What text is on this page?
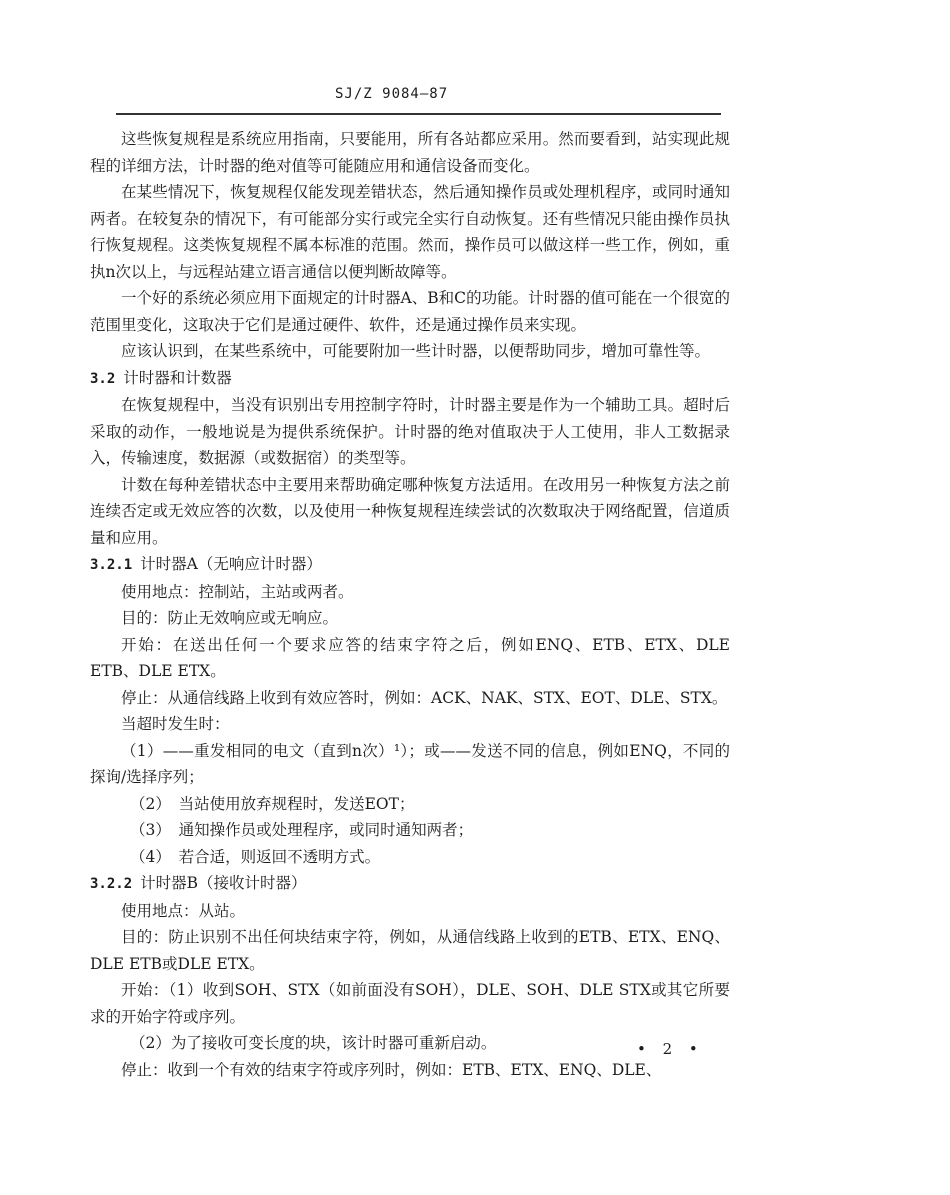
SJ/Z 9084—87

这些恢复规程是系统应用指南，只要能用，所有各站都应采用。然而要看到，站实现此规程的详细方法，计时器的绝对值等可能随应用和通信设备而变化。

在某些情况下，恢复规程仅能发现差错状态，然后通知操作员或处理机程序，或同时通知两者。在较复杂的情况下，有可能部分实行或完全实行自动恢复。还有些情况只能由操作员执行恢复规程。这类恢复规程不属本标准的范围。然而，操作员可以做这样一些工作，例如，重执n次以上，与远程站建立语言通信以便判断故障等。

一个好的系统必须应用下面规定的计时器A、B和C的功能。计时器的值可能在一个很宽的范围里变化，这取决于它们是通过硬件、软件，还是通过操作员来实现。

应该认识到，在某些系统中，可能要附加一些计时器，以便帮助同步，增加可靠性等。

3.2 计时器和计数器

在恢复规程中，当没有识别出专用控制字符时，计时器主要是作为一个辅助工具。超时后采取的动作，一般地说是为提供系统保护。计时器的绝对值取决于人工使用，非人工数据录入，传输速度，数据源（或数据宿）的类型等。

计数在每种差错状态中主要用来帮助确定哪种恢复方法适用。在改用另一种恢复方法之前连续否定或无效应答的次数，以及使用一种恢复规程连续尝试的次数取决于网络配置，信道质量和应用。

3.2.1 计时器A（无响应计时器）

使用地点：控制站，主站或两者。

目的：防止无效响应或无响应。

开始：在送出任何一个要求应答的结束字符之后，例如ENQ、ETB、ETX、DLE ETB、DLE ETX。

停止：从通信线路上收到有效应答时，例如：ACK、NAK、STX、EOT、DLE、STX。

当超时发生时：

（1）——重发相同的电文（直到n次）¹）；或——发送不同的信息，例如ENQ，不同的探询/选择序列；

（2）　当站使用放弃规程时，发送EOT；

（3）　通知操作员或处理程序，或同时通知两者；

（4）　若合适，则返回不透明方式。

3.2.2 计时器B（接收计时器）

使用地点：从站。

目的：防止识别不出任何块结束字符，例如，从通信线路上收到的ETB、ETX、ENQ、DLE ETB或DLE ETX。

开始：（1）收到SOH、STX（如前面没有SOH），DLE、SOH、DLE STX或其它所要求的开始字符或序列。

（2）为了接收可变长度的块，该计时器可重新启动。

停止：收到一个有效的结束字符或序列时，例如：ETB、ETX、ENQ、DLE、

• 2 •
